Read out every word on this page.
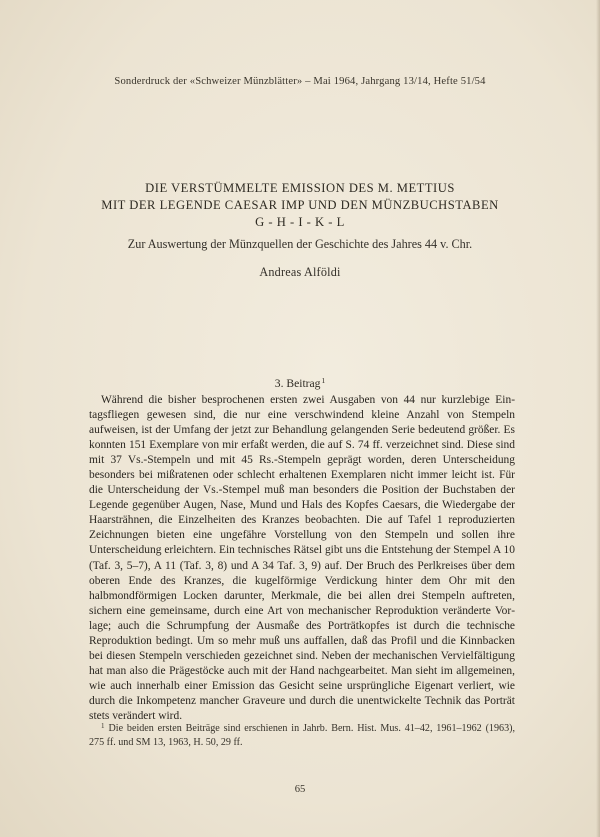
Sonderdruck der «Schweizer Münzblätter» – Mai 1964, Jahrgang 13/14, Hefte 51/54
DIE VERSTÜMMELTE EMISSION DES M. METTIUS
MIT DER LEGENDE CAESAR IMP UND DEN MÜNZBUCHSTABEN
G - H - I - K - L
Zur Auswertung der Münzquellen der Geschichte des Jahres 44 v. Chr.
Andreas Alföldi
3. Beitrag$^1$

Während die bisher besprochenen ersten zwei Ausgaben von 44 nur kurzlebige Eintagsfliegen gewesen sind, die nur eine verschwindend kleine Anzahl von Stempeln aufweisen, ist der Umfang der jetzt zur Behandlung gelangenden Serie bedeutend größer. Es konnten 151 Exemplare von mir erfaßt werden, die auf S. 74 ff. verzeichnet sind. Diese sind mit 37 Vs.-Stempeln und mit 45 Rs.-Stempeln geprägt worden, deren Unterscheidung besonders bei mißratenen oder schlecht erhaltenen Exemplaren nicht immer leicht ist. Für die Unterscheidung der Vs.-Stempel muß man besonders die Position der Buchstaben der Legende gegenüber Augen, Nase, Mund und Hals des Kopfes Caesars, die Wiedergabe der Haarsträhnen, die Einzelheiten des Kranzes beobachten. Die auf Tafel 1 reproduzierten Zeichnungen bieten eine ungefähre Vorstellung von den Stempeln und sollen ihre Unterscheidung erleichtern. Ein technisches Rätsel gibt uns die Entstehung der Stempel A 10 (Taf. 3, 5–7), A 11 (Taf. 3, 8) und A 34 Taf. 3, 9) auf. Der Bruch des Perlkreises über dem oberen Ende des Kranzes, die kugelförmige Verdickung hinter dem Ohr mit den halbmondförmigen Locken darunter, Merkmale, die bei allen drei Stempeln auftreten, sichern eine gemeinsame, durch eine Art von mechanischer Reproduktion veränderte Vorlage; auch die Schrumpfung der Ausmaße des Porträtkopfes ist durch die technische Reproduktion bedingt. Um so mehr muß uns auffallen, daß das Profil und die Kinnbacken bei diesen Stempeln verschieden gezeichnet sind. Neben der mechanischen Vervielfältigung hat man also die Prägestöcke auch mit der Hand nachgearbeitet. Man sieht im allgemeinen, wie auch innerhalb einer Emission das Gesicht seine ursprüngliche Eigenart verliert, wie durch die Inkompetenz mancher Graveure und durch die unentwickelte Technik das Porträt stets verändert wird.

$^1$ Die beiden ersten Beiträge sind erschienen in Jahrb. Bern. Hist. Mus. 41–42, 1961–1962 (1963), 275 ff. und SM 13, 1963, H. 50, 29 ff.

65
